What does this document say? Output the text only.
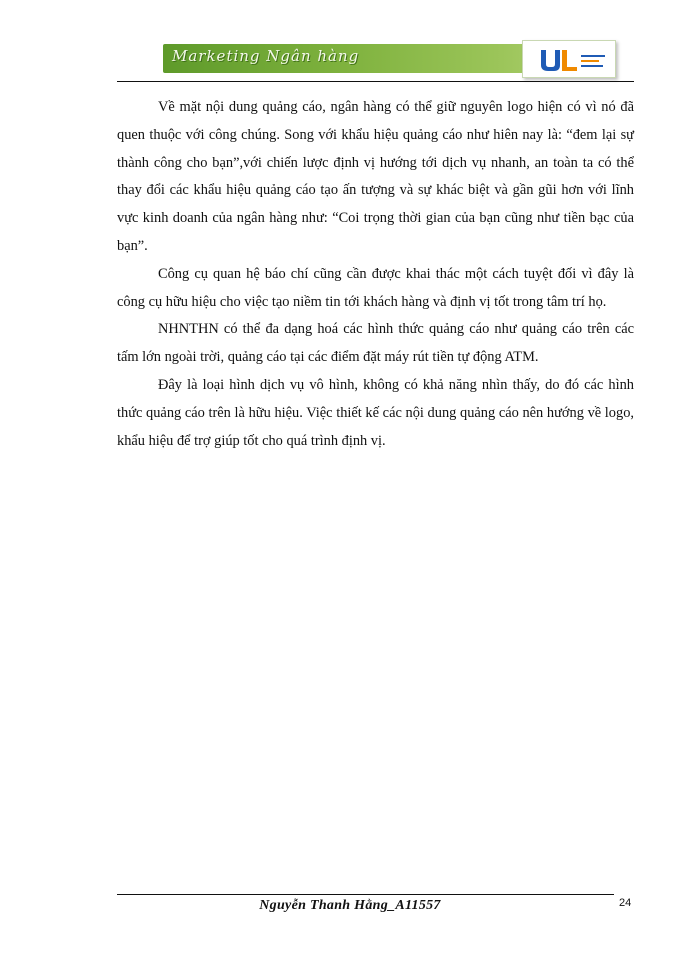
Marketing Ngân hàng

Về mặt nội dung quảng cáo, ngân hàng có thể giữ nguyên logo hiện có vì nó đã quen thuộc với công chúng. Song với khẩu hiệu quảng cáo như hiên nay là: “đem lại sự thành công cho bạn”,với chiến lược định vị hướng tới dịch vụ nhanh, an toàn ta có thể thay đổi các khẩu hiệu quảng cáo tạo ấn tượng và sự khác biệt và gần gũi hơn với lĩnh vực kinh doanh của ngân hàng như: “Coi trọng thời gian của bạn cũng như tiền bạc của bạn”.

Công cụ quan hệ báo chí cũng cần được khai thác một cách tuyệt đối vì đây là công cụ hữu hiệu cho việc tạo niềm tin tới khách hàng và định vị tốt trong tâm trí họ.

NHNTHN có thể đa dạng hoá các hình thức quảng cáo như quảng cáo trên các tấm lớn ngoài trời, quảng cáo tại các điểm đặt máy rút tiền tự động ATM.

Đây là loại hình dịch vụ vô hình, không có khả năng nhìn thấy, do đó các hình thức quảng cáo trên là hữu hiệu. Việc thiết kế các nội dung quảng cáo nên hướng về logo, khẩu hiệu để trợ giúp tốt cho quá trình định vị.

Nguyễn Thanh Hằng_A11557	24
